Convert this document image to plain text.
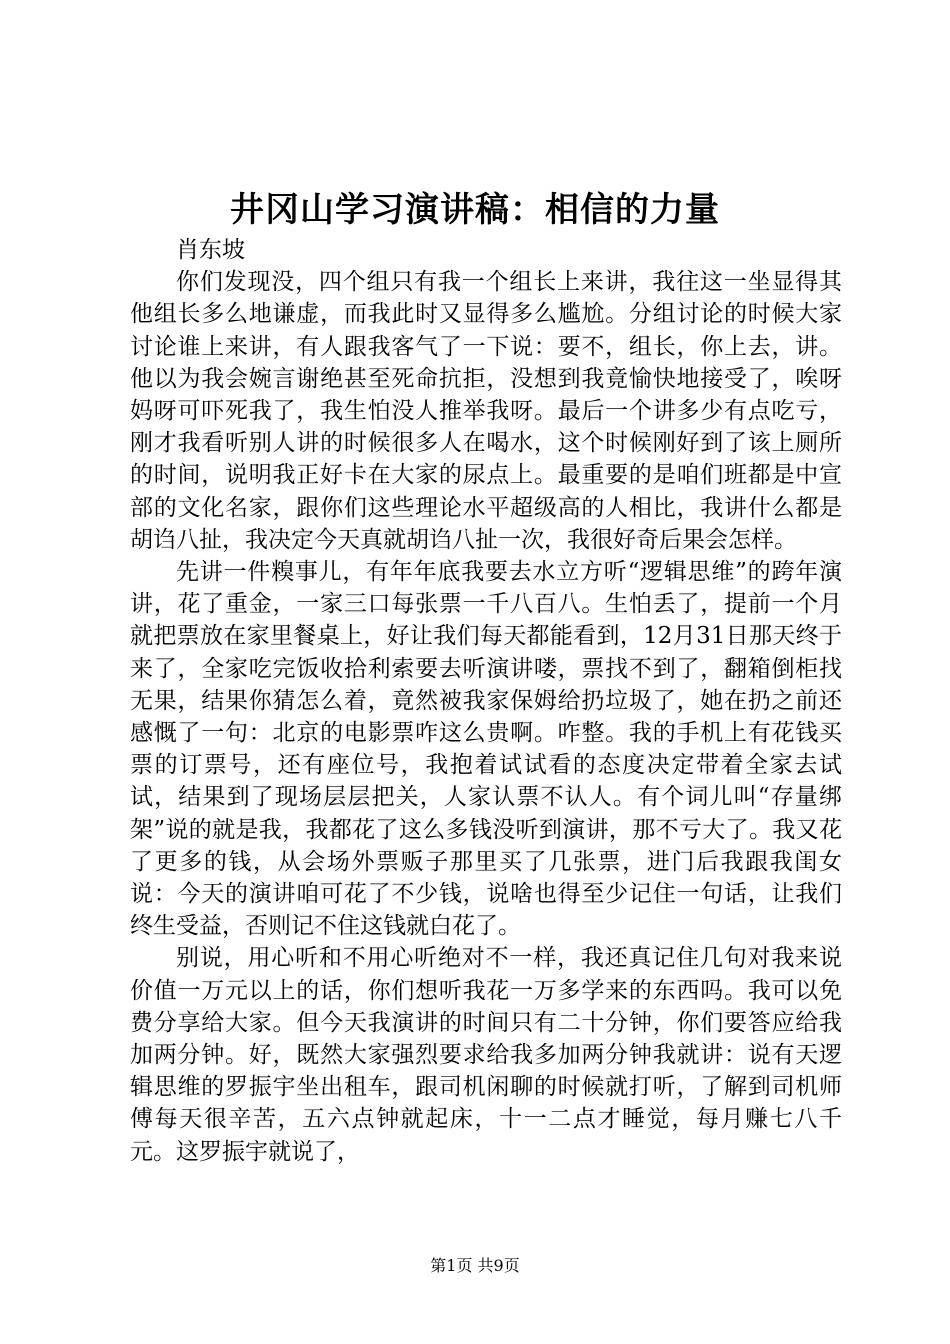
井冈山学习演讲稿：相信的力量

肖东坡

你们发现没，四个组只有我一个组长上来讲，我往这一坐显得其他组长多么地谦虚，而我此时又显得多么尴尬。分组讨论的时候大家讨论谁上来讲，有人跟我客气了一下说：要不，组长，你上去，讲。他以为我会婉言谢绝甚至死命抗拒，没想到我竟愉快地接受了，唉呀妈呀可吓死我了，我生怕没人推举我呀。最后一个讲多少有点吃亏，刚才我看听别人讲的时候很多人在喝水，这个时候刚好到了该上厕所的时间，说明我正好卡在大家的尿点上。最重要的是咱们班都是中宣部的文化名家，跟你们这些理论水平超级高的人相比，我讲什么都是胡诌八扯，我决定今天真就胡诌八扯一次，我很好奇后果会怎样。

先讲一件糗事儿，有年年底我要去水立方听“逻辑思维”的跨年演讲，花了重金，一家三口每张票一千八百八。生怕丢了，提前一个月就把票放在家里餐桌上，好让我们每天都能看到，12月31日那天终于来了，全家吃完饭收拾利索要去听演讲喽，票找不到了，翻箱倒柜找无果，结果你猜怎么着，竟然被我家保姆给扔垃圾了，她在扔之前还感慨了一句：北京的电影票咋这么贵啊。咋整。我的手机上有花钱买票的订票号，还有座位号，我抱着试试看的态度决定带着全家去试试，结果到了现场层层把关，人家认票不认人。有个词儿叫“存量绑架”说的就是我，我都花了这么多钱没听到演讲，那不亏大了。我又花了更多的钱，从会场外票贩子那里买了几张票，进门后我跟我闺女说：今天的演讲咱可花了不少钱，说啥也得至少记住一句话，让我们终生受益，否则记不住这钱就白花了。

别说，用心听和不用心听绝对不一样，我还真记住几句对我来说价值一万元以上的话，你们想听我花一万多学来的东西吗。我可以免费分享给大家。但今天我演讲的时间只有二十分钟，你们要答应给我加两分钟。好，既然大家强烈要求给我多加两分钟我就讲：说有天逻辑思维的罗振宇坐出租车，跟司机闲聊的时候就打听，了解到司机师傅每天很辛苦，五六点钟就起床，十一二点才睡觉，每月赚七八千元。这罗振宇就说了，

第1页 共9页
